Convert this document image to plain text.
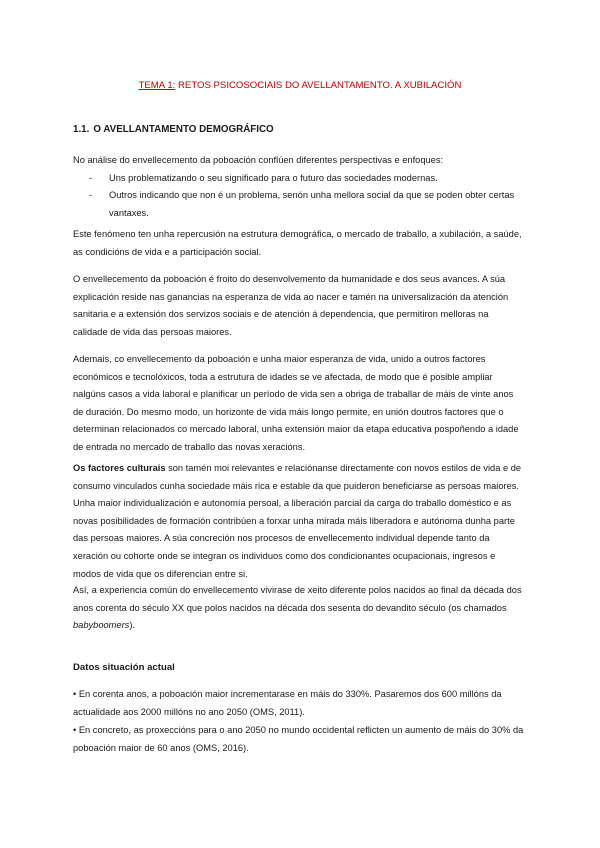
TEMA 1: RETOS PSICOSOCIAIS DO AVELLANTAMENTO. A XUBILACIÓN
1.1. O AVELLANTAMENTO DEMOGRÁFICO

No análise do envellecemento da poboación conflúen diferentes perspectivas e enfoques:

- Uns problematizando o seu significado para o futuro das sociedades modernas.
- Outros indicando que non é un problema, senón unha mellora social da que se poden obter certas vantaxes.

Este fenómeno ten unha repercusión na estrutura demográfica, o mercado de traballo, a xubilación, a saúde, as condicións de vida e a participación social.

O envellecemento da poboación é froito do desenvolvemento da humanidade e dos seus avances. A súa explicación reside nas ganancias na esperanza de vida ao nacer e tamén na universalización da atención sanitaria e a extensión dos servizos sociais e de atención á dependencia, que permitiron melloras na calidade de vida das persoas maiores.

Ademais, co envellecemento da poboación e unha maior esperanza de vida, unido a outros factores económicos e tecnolóxicos, toda a estrutura de idades se ve afectada, de modo que é posible ampliar nalgúns casos a vida laboral e planificar un período de vida sen a obriga de traballar de máis de vinte anos de duración. Do mesmo modo, un horizonte de vida máis longo permite, en unión doutros factores que o determinan relacionados co mercado laboral, unha extensión maior da etapa educativa pospoñendo a idade de entrada no mercado de traballo das novas xeracións.

Os factores culturais son tamén moi relevantes e relaciónanse directamente con novos estilos de vida e de consumo vinculados cunha sociedade máis rica e estable da que puideron beneficiarse as persoas maiores. Unha maior individualización e autonomía persoal, a liberación parcial da carga do traballo doméstico e as novas posibilidades de formación contribúen a forxar unha mirada máis liberadora e autónoma dunha parte das persoas maiores. A súa concreción nos procesos de envellecemento individual depende tanto da xeración ou cohorte onde se integran os individuos como dos condicionantes ocupacionais, ingresos e modos de vida que os diferencian entre si.

Así, a experiencia común do envellecemento vivirase de xeito diferente polos nacidos ao final da década dos anos corenta do século XX que polos nacidos na década dos sesenta do devandito século (os chamados babyboomers).

Datos situación actual

• En corenta anos, a poboación maior incrementarase en máis do 330%. Pasaremos dos 600 millóns da actualidade aos 2000 millóns no ano 2050 (OMS, 2011).

• En concreto, as proxeccións para o ano 2050 no mundo occidental reflicten un aumento de máis do 30% da poboación maior de 60 anos (OMS, 2016).
